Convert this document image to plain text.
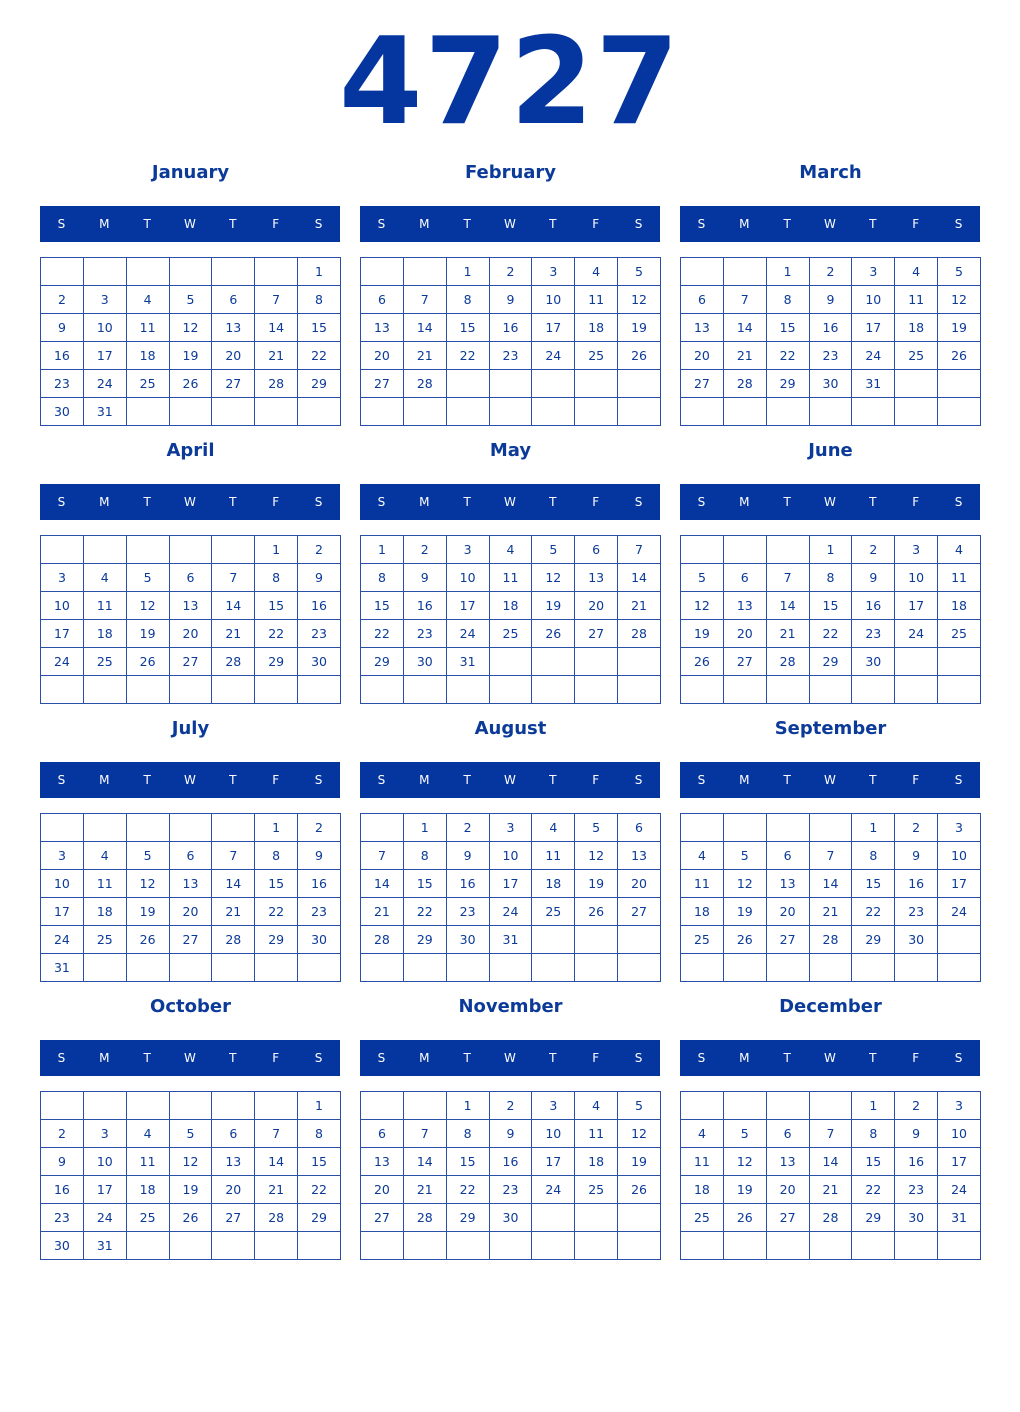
4727
January
S	M	T	W	T	F	S
						1
2	3	4	5	6	7	8
9	10	11	12	13	14	15
16	17	18	19	20	21	22
23	24	25	26	27	28	29
30	31					
February
S	M	T	W	T	F	S
		1	2	3	4	5
6	7	8	9	10	11	12
13	14	15	16	17	18	19
20	21	22	23	24	25	26
27	28					

March
S	M	T	W	T	F	S
		1	2	3	4	5
6	7	8	9	10	11	12
13	14	15	16	17	18	19
20	21	22	23	24	25	26
27	28	29	30	31		

April
S	M	T	W	T	F	S
					1	2
3	4	5	6	7	8	9
10	11	12	13	14	15	16
17	18	19	20	21	22	23
24	25	26	27	28	29	30

May
S	M	T	W	T	F	S
1	2	3	4	5	6	7
8	9	10	11	12	13	14
15	16	17	18	19	20	21
22	23	24	25	26	27	28
29	30	31				

June
S	M	T	W	T	F	S
			1	2	3	4
5	6	7	8	9	10	11
12	13	14	15	16	17	18
19	20	21	22	23	24	25
26	27	28	29	30		

July
S	M	T	W	T	F	S
					1	2
3	4	5	6	7	8	9
10	11	12	13	14	15	16
17	18	19	20	21	22	23
24	25	26	27	28	29	30
31						
August
S	M	T	W	T	F	S
	1	2	3	4	5	6
7	8	9	10	11	12	13
14	15	16	17	18	19	20
21	22	23	24	25	26	27
28	29	30	31			

September
S	M	T	W	T	F	S
				1	2	3
4	5	6	7	8	9	10
11	12	13	14	15	16	17
18	19	20	21	22	23	24
25	26	27	28	29	30	

October
S	M	T	W	T	F	S
						1
2	3	4	5	6	7	8
9	10	11	12	13	14	15
16	17	18	19	20	21	22
23	24	25	26	27	28	29
30	31					
November
S	M	T	W	T	F	S
		1	2	3	4	5
6	7	8	9	10	11	12
13	14	15	16	17	18	19
20	21	22	23	24	25	26
27	28	29	30			

December
S	M	T	W	T	F	S
				1	2	3
4	5	6	7	8	9	10
11	12	13	14	15	16	17
18	19	20	21	22	23	24
25	26	27	28	29	30	31
